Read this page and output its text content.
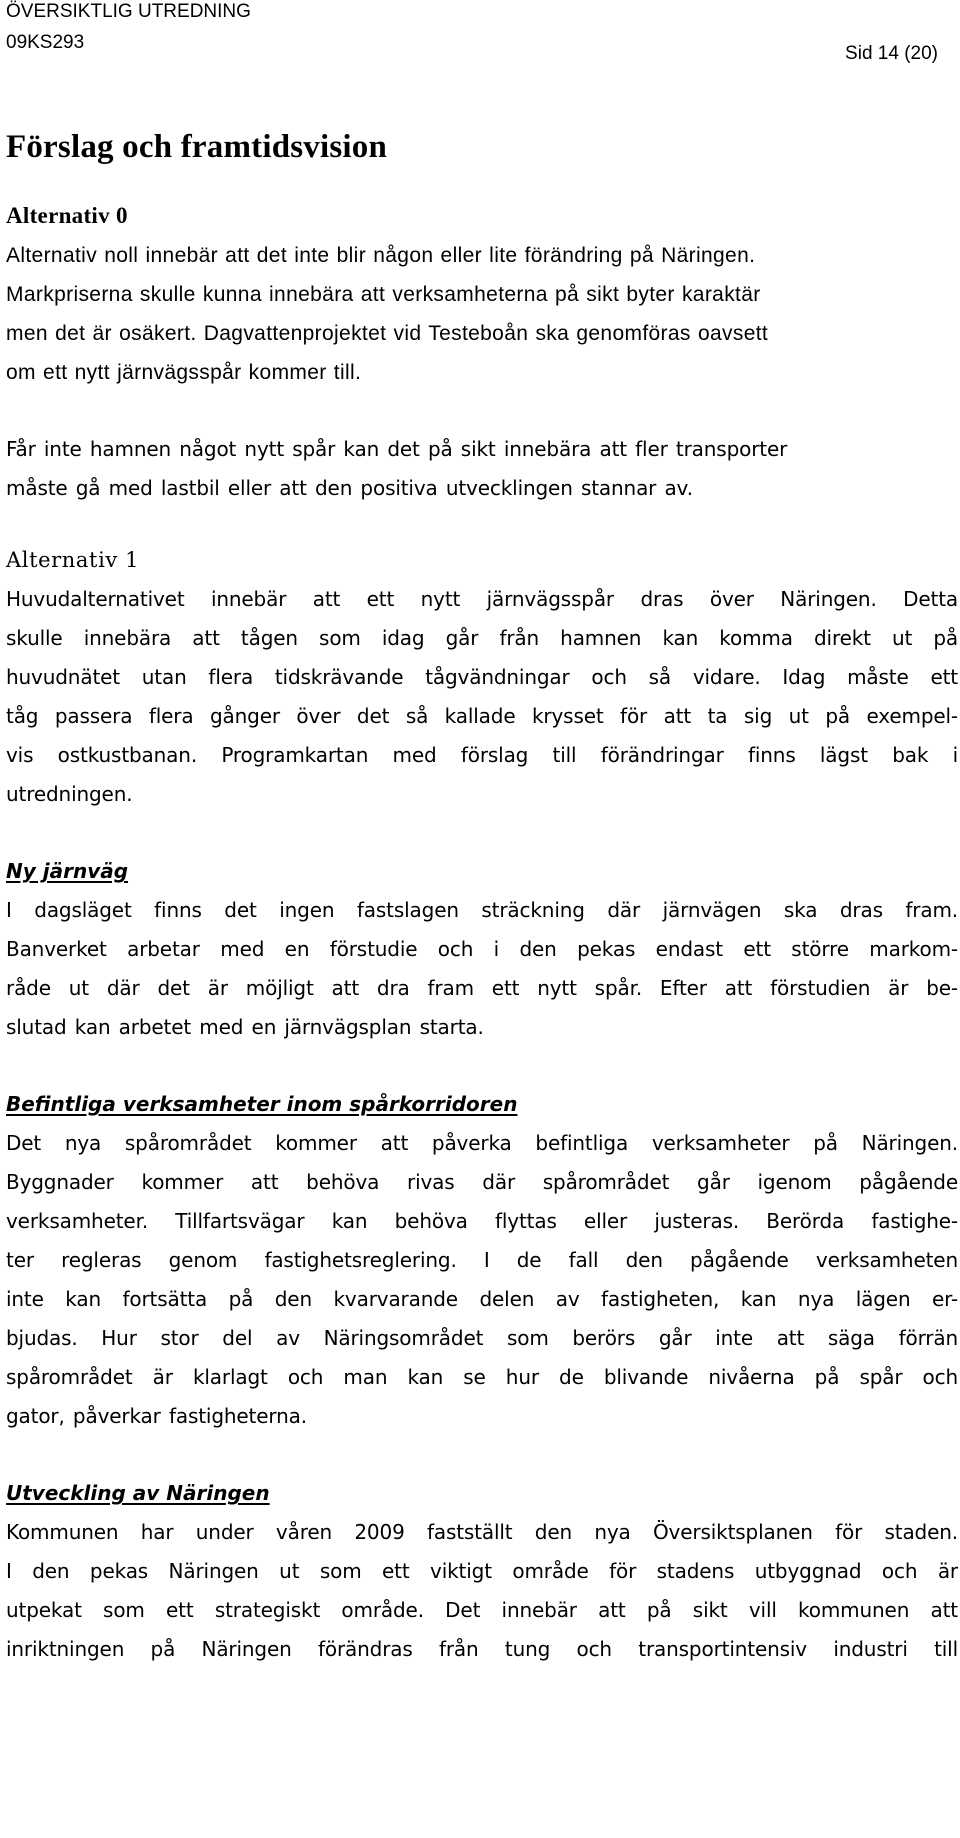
ÖVERSIKTLIG UTREDNING
09KS293
Sid 14 (20)
Förslag och framtidsvision
Alternativ 0

Alternativ noll innebär att det inte blir någon eller lite förändring på Näringen.
Markpriserna skulle kunna innebära att verksamheterna på sikt byter karaktär
men det är osäkert. Dagvattenprojektet vid Testeboån ska genomföras oavsett
om ett nytt järnvägsspår kommer till.

Får inte hamnen något nytt spår kan det på sikt innebära att fler transporter
måste gå med lastbil eller att den positiva utvecklingen stannar av.

Alternativ 1

Huvudalternativet innebär att ett nytt järnvägsspår dras över Näringen. Detta
skulle innebära att tågen som idag går från hamnen kan komma direkt ut på
huvudnätet utan flera tidskrävande tågvändningar och så vidare. Idag måste ett
tåg passera flera gånger över det så kallade krysset för att ta sig ut på exempel-
vis ostkustbanan. Programkartan med förslag till förändringar finns lägst bak i
utredningen.

Ny järnväg

I dagsläget finns det ingen fastslagen sträckning där järnvägen ska dras fram.
Banverket arbetar med en förstudie och i den pekas endast ett större markom-
råde ut där det är möjligt att dra fram ett nytt spår. Efter att förstudien är be-
slutad kan arbetet med en järnvägsplan starta.

Befintliga verksamheter inom spårkorridoren

Det nya spårområdet kommer att påverka befintliga verksamheter på Näringen.
Byggnader kommer att behöva rivas där spårområdet går igenom pågående
verksamheter. Tillfartsvägar kan behöva flyttas eller justeras. Berörda fastighe-
ter regleras genom fastighetsreglering. I de fall den pågående verksamheten
inte kan fortsätta på den kvarvarande delen av fastigheten, kan nya lägen er-
bjudas. Hur stor del av Näringsområdet som berörs går inte att säga förrän
spårområdet är klarlagt och man kan se hur de blivande nivåerna på spår och
gator, påverkar fastigheterna.

Utveckling av Näringen

Kommunen har under våren 2009 fastställt den nya Översiktsplanen för staden.
I den pekas Näringen ut som ett viktigt område för stadens utbyggnad och är
utpekat som ett strategiskt område. Det innebär att på sikt vill kommunen att
inriktningen på Näringen förändras från tung och transportintensiv industri till
